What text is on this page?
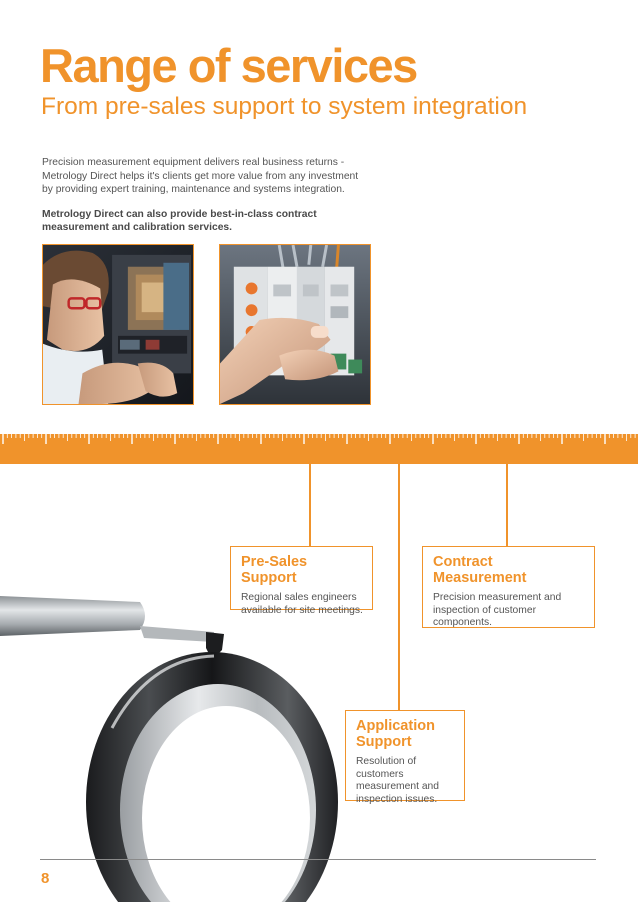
Range of services
From pre-sales support to system integration

Precision measurement equipment delivers real business returns - Metrology Direct helps it's clients get more value from any investment by providing expert training, maintenance and systems integration.

Metrology Direct can also provide best-in-class contract measurement and calibration services.

Pre-Sales Support

Regional sales engineers available for site meetings.

Contract Measurement

Precision measurement and inspection of customer components.

Application Support

Resolution of customers measurement and inspection issues.

8
